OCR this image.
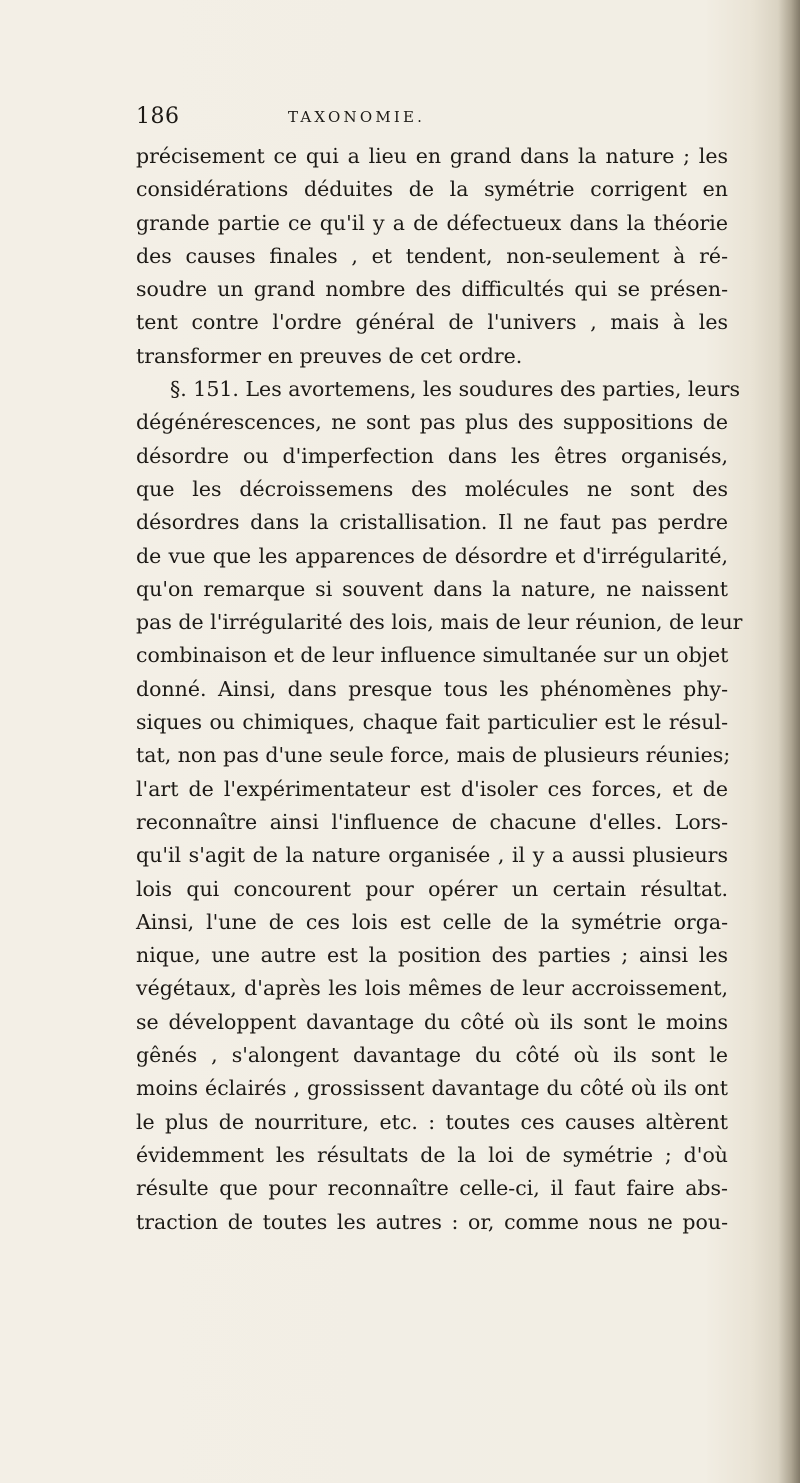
186	TAXONOMIE.
précisement ce qui a lieu en grand dans la nature ; les
considérations déduites de la symétrie corrigent en
grande partie ce qu'il y a de défectueux dans la théorie
des causes finales , et tendent, non-seulement à ré-
soudre un grand nombre des difficultés qui se présen-
tent contre l'ordre général de l'univers , mais à les
transformer en preuves de cet ordre.
§. 151. Les avortemens, les soudures des parties, leurs
dégénérescences, ne sont pas plus des suppositions de
désordre ou d'imperfection dans les êtres organisés,
que les décroissemens des molécules ne sont des
désordres dans la cristallisation. Il ne faut pas perdre
de vue que les apparences de désordre et d'irrégularité,
qu'on remarque si souvent dans la nature, ne naissent
pas de l'irrégularité des lois, mais de leur réunion, de leur
combinaison et de leur influence simultanée sur un objet
donné. Ainsi, dans presque tous les phénomènes phy-
siques ou chimiques, chaque fait particulier est le résul-
tat, non pas d'une seule force, mais de plusieurs réunies;
l'art de l'expérimentateur est d'isoler ces forces, et de
reconnaître ainsi l'influence de chacune d'elles. Lors-
qu'il s'agit de la nature organisée , il y a aussi plusieurs
lois qui concourent pour opérer un certain résultat.
Ainsi, l'une de ces lois est celle de la symétrie orga-
nique, une autre est la position des parties ; ainsi les
végétaux, d'après les lois mêmes de leur accroissement,
se développent davantage du côté où ils sont le moins
gênés , s'alongent davantage du côté où ils sont le
moins éclairés , grossissent davantage du côté où ils ont
le plus de nourriture, etc. : toutes ces causes altèrent
évidemment les résultats de la loi de symétrie ; d'où
résulte que pour reconnaître celle-ci, il faut faire abs-
traction de toutes les autres : or, comme nous ne pou-
